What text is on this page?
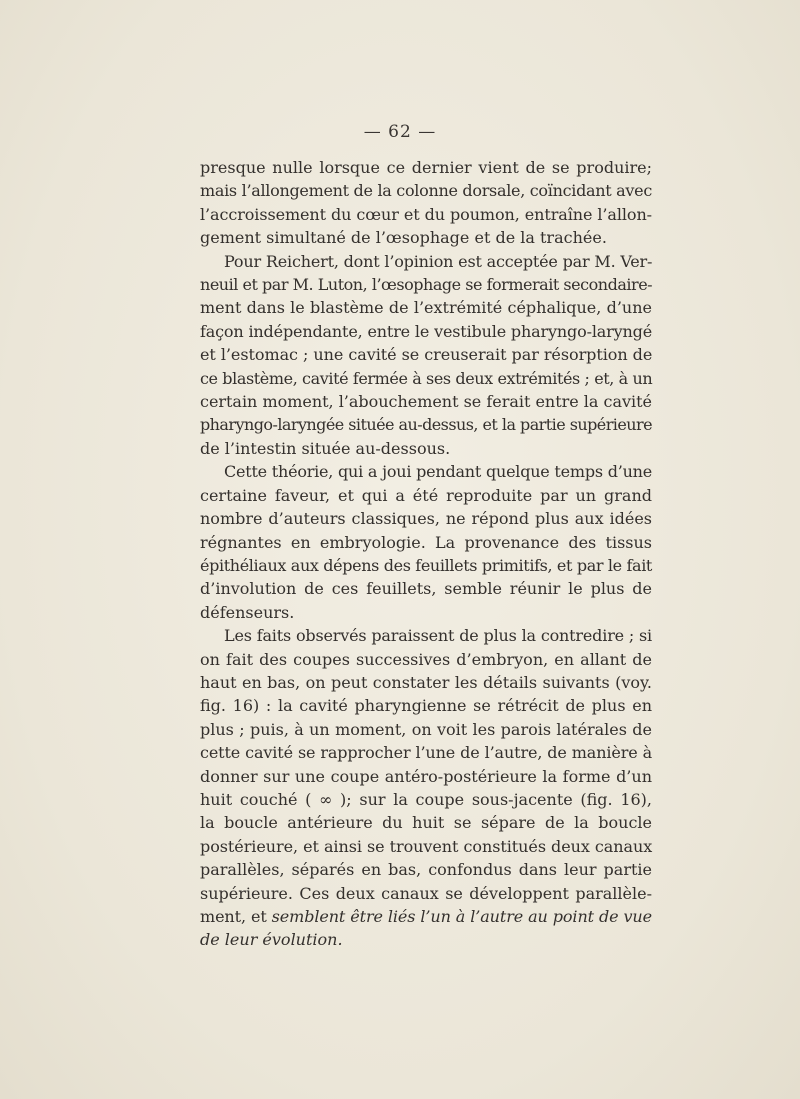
— 62 —

presque nulle lorsque ce dernier vient de se produire;
mais l’allongement de la colonne dorsale, coïncidant avec
l’accroissement du cœur et du poumon, entraîne l’allon-
gement simultané de l’œsophage et de la trachée.

Pour Reichert, dont l’opinion est acceptée par M. Ver-
neuil et par M. Luton, l’œsophage se formerait secondaire-
ment dans le blastème de l’extrémité céphalique, d’une
façon indépendante, entre le vestibule pharyngo-laryngé
et l’estomac ; une cavité se creuserait par résorption de
ce blastème, cavité fermée à ses deux extrémités ; et, à un
certain moment, l’abouchement se ferait entre la cavité
pharyngo-laryngée située au-dessus, et la partie supérieure
de l’intestin située au-dessous.

Cette théorie, qui a joui pendant quelque temps d’une
certaine faveur, et qui a été reproduite par un grand
nombre d’auteurs classiques, ne répond plus aux idées
régnantes en embryologie. La provenance des tissus
épithéliaux aux dépens des feuillets primitifs, et par le fait
d’involution de ces feuillets, semble réunir le plus de
défenseurs.

Les faits observés paraissent de plus la contredire ; si
on fait des coupes successives d’embryon, en allant de
haut en bas, on peut constater les détails suivants (voy.
fig. 16) : la cavité pharyngienne se rétrécit de plus en
plus ; puis, à un moment, on voit les parois latérales de
cette cavité se rapprocher l’une de l’autre, de manière à
donner sur une coupe antéro-postérieure la forme d’un
huit couché ( ∞ ); sur la coupe sous-jacente (fig. 16),
la boucle antérieure du huit se sépare de la boucle
postérieure, et ainsi se trouvent constitués deux canaux
parallèles, séparés en bas, confondus dans leur partie
supérieure. Ces deux canaux se développent parallèle-
ment, et semblent être liés l’un à l’autre au point de vue
de leur évolution.
